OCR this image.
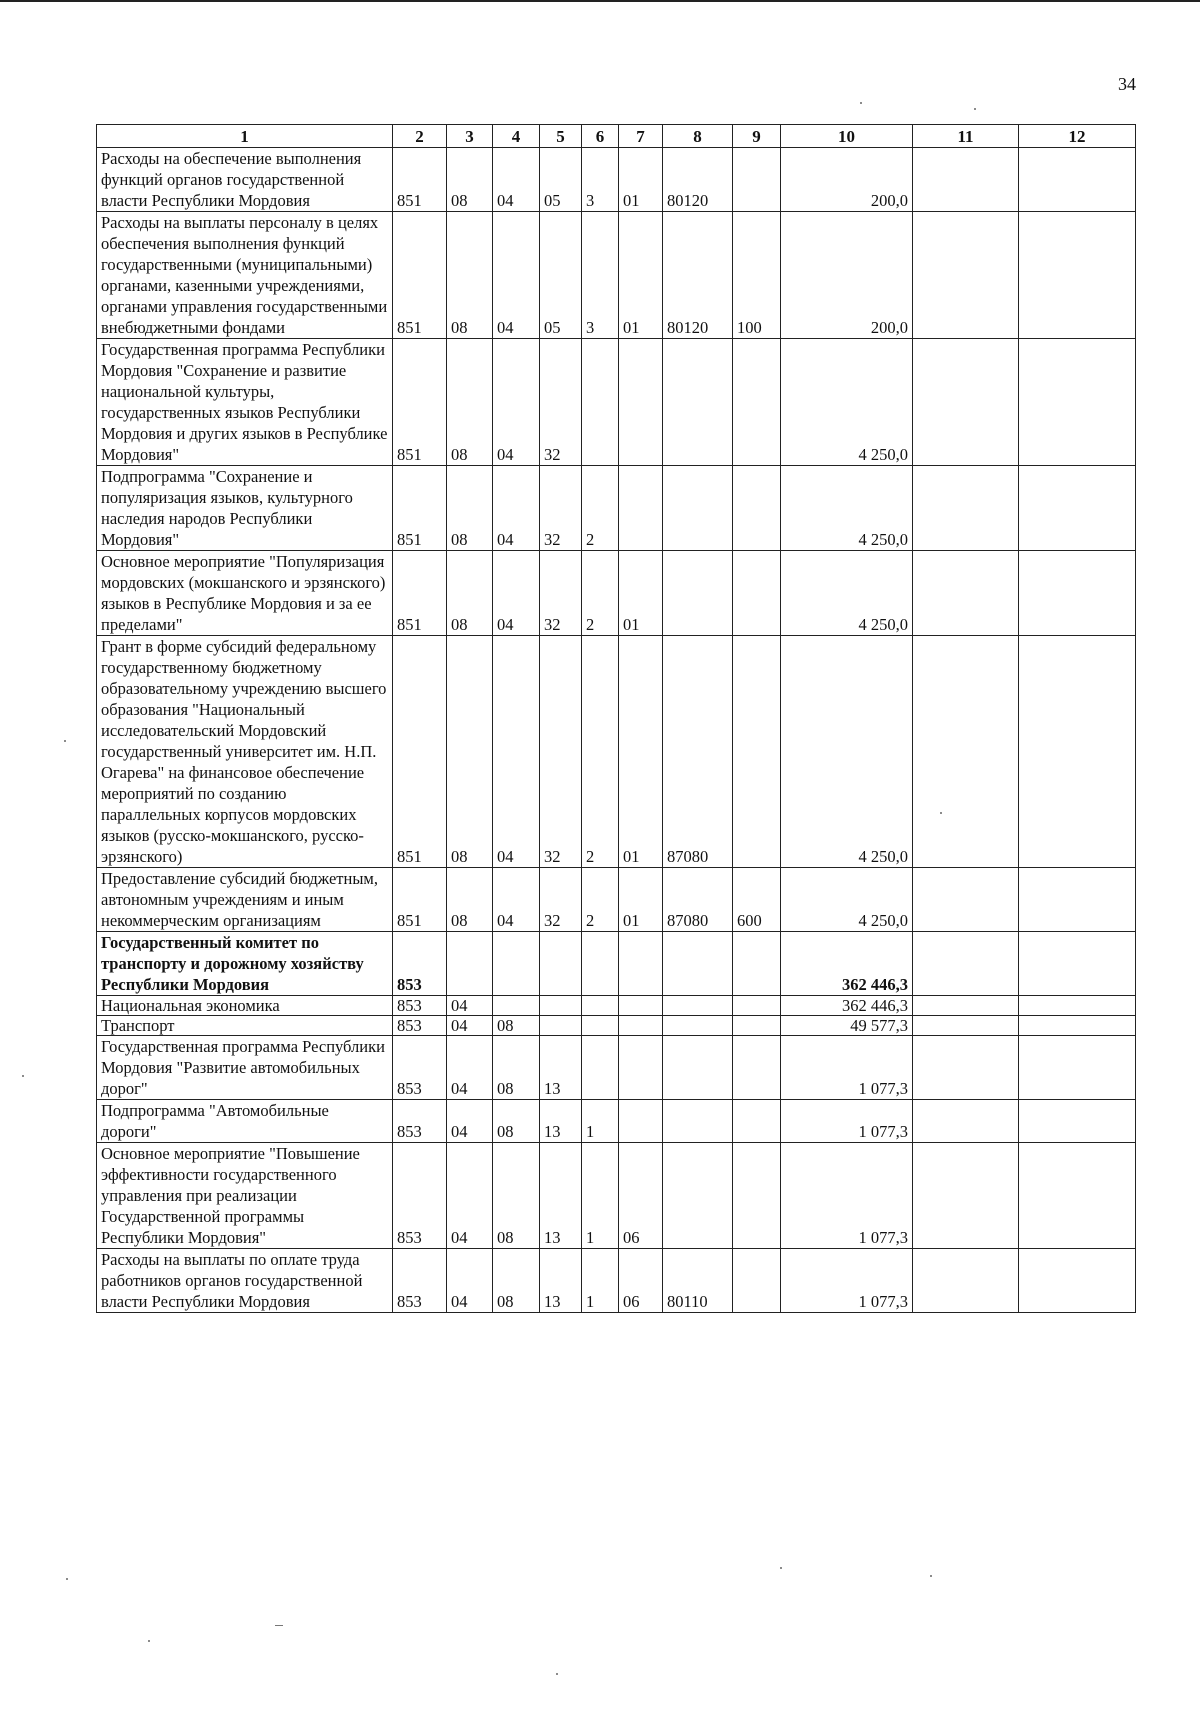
34
1	2	3	4	5	6	7	8	9	10	11	12
Расходы на обеспечение выполнения функций органов государственной власти Республики Мордовия	851	08	04	05	3	01	80120		200,0		
Расходы на выплаты персоналу в целях обеспечения выполнения функций государственными (муниципальными) органами, казенными учреждениями, органами управления государственными внебюджетными фондами	851	08	04	05	3	01	80120	100	200,0		
Государственная программа Республики Мордовия "Сохранение и развитие национальной культуры, государственных языков Республики Мордовия и других языков в Республике Мордовия"	851	08	04	32					4 250,0		
Подпрограмма "Сохранение и популяризация языков, культурного наследия народов Республики Мордовия"	851	08	04	32	2				4 250,0		
Основное мероприятие "Популяризация мордовских (мокшанского и эрзянского) языков в Республике Мордовия и за ее пределами"	851	08	04	32	2	01			4 250,0		
Грант в форме субсидий федеральному государственному бюджетному образовательному учреждению высшего образования "Национальный исследовательский Мордовский государственный университет им. Н.П. Огарева" на финансовое обеспечение мероприятий по созданию параллельных корпусов мордовских языков (русско-мокшанского, русско-эрзянского)	851	08	04	32	2	01	87080		4 250,0		
Предоставление субсидий бюджетным, автономным учреждениям и иным некоммерческим организациям	851	08	04	32	2	01	87080	600	4 250,0		
Государственный комитет по транспорту и дорожному хозяйству Республики Мордовия	853								362 446,3		
Национальная экономика	853	04							362 446,3		
Транспорт	853	04	08						49 577,3		
Государственная программа Республики Мордовия "Развитие автомобильных дорог"	853	04	08	13					1 077,3		
Подпрограмма "Автомобильные дороги"	853	04	08	13	1				1 077,3		
Основное мероприятие "Повышение эффективности государственного управления при реализации Государственной программы Республики Мордовия"	853	04	08	13	1	06			1 077,3		
Расходы на выплаты по оплате труда работников органов государственной власти Республики Мордовия	853	04	08	13	1	06	80110		1 077,3		
